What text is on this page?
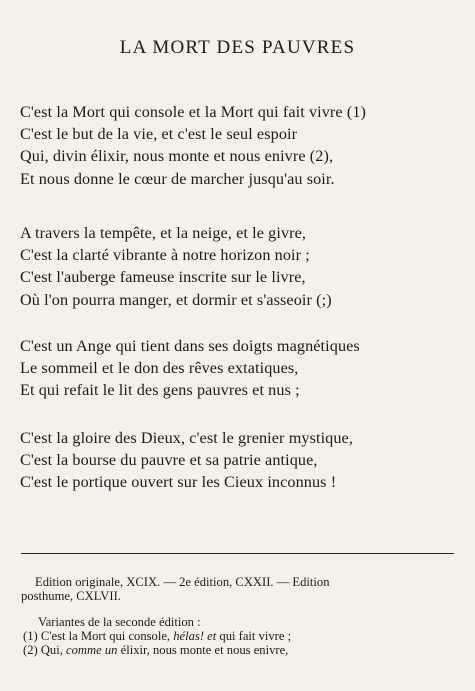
LA MORT DES PAUVRES
C'est la Mort qui console et la Mort qui fait vivre (1)
C'est le but de la vie, et c'est le seul espoir
Qui, divin élixir, nous monte et nous enivre (2),
Et nous donne le cœur de marcher jusqu'au soir.
A travers la tempête, et la neige, et le givre,
C'est la clarté vibrante à notre horizon noir ;
C'est l'auberge fameuse inscrite sur le livre,
Où l'on pourra manger, et dormir et s'asseoir (;)
C'est un Ange qui tient dans ses doigts magnétiques
Le sommeil et le don des rêves extatiques,
Et qui refait le lit des gens pauvres et nus ;
C'est la gloire des Dieux, c'est le grenier mystique,
C'est la bourse du pauvre et sa patrie antique,
C'est le portique ouvert sur les Cieux inconnus !
Edition originale, XCIX. — 2e édition, CXXII. — Edition
posthume, CXLVII.
Variantes de la seconde édition :
(1) C'est la Mort qui console, hélas! et qui fait vivre ;
(2) Qui, comme un élixir, nous monte et nous enivre,
